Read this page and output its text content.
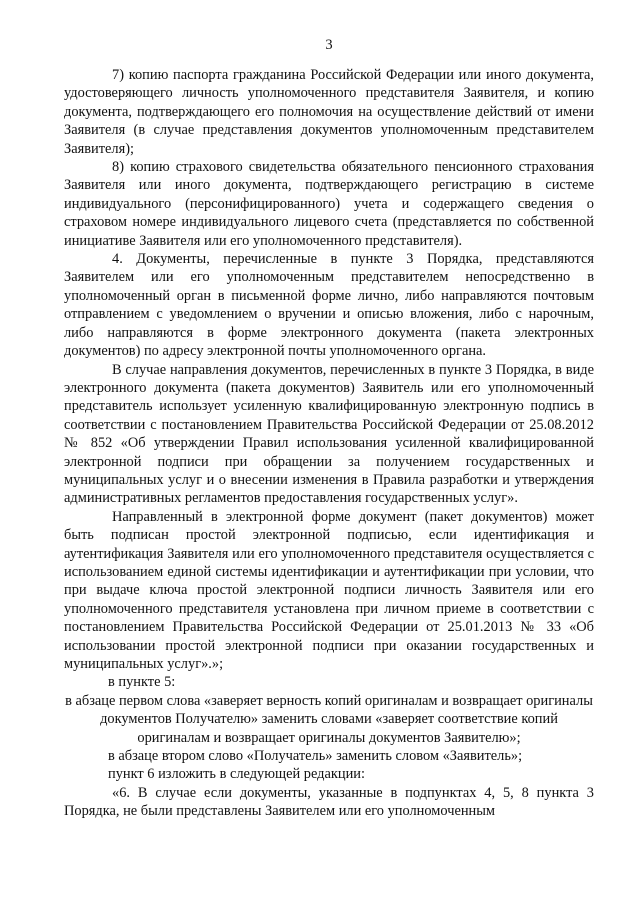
3

7) копию паспорта гражданина Российской Федерации или иного документа, удостоверяющего личность уполномоченного представителя Заявителя, и копию документа, подтверждающего его полномочия на осуществление действий от имени Заявителя (в случае представления документов уполномоченным представителем Заявителя);

8) копию страхового свидетельства обязательного пенсионного страхования Заявителя или иного документа, подтверждающего регистрацию в системе индивидуального (персонифицированного) учета и содержащего сведения о страховом номере индивидуального лицевого счета (представляется по собственной инициативе Заявителя или его уполномоченного представителя).

4. Документы, перечисленные в пункте 3 Порядка, представляются Заявителем или его уполномоченным представителем непосредственно в уполномоченный орган в письменной форме лично, либо направляются почтовым отправлением с уведомлением о вручении и описью вложения, либо с нарочным, либо направляются в форме электронного документа (пакета электронных документов) по адресу электронной почты уполномоченного органа.

В случае направления документов, перечисленных в пункте 3 Порядка, в виде электронного документа (пакета документов) Заявитель или его уполномоченный представитель использует усиленную квалифицированную электронную подпись в соответствии с постановлением Правительства Российской Федерации от 25.08.2012 № 852 «Об утверждении Правил использования усиленной квалифицированной электронной подписи при обращении за получением государственных и муниципальных услуг и о внесении изменения в Правила разработки и утверждения административных регламентов предоставления государственных услуг».

Направленный в электронной форме документ (пакет документов) может быть подписан простой электронной подписью, если идентификация и аутентификация Заявителя или его уполномоченного представителя осуществляется с использованием единой системы идентификации и аутентификации при условии, что при выдаче ключа простой электронной подписи личность Заявителя или его уполномоченного представителя установлена при личном приеме в соответствии с постановлением Правительства Российской Федерации от 25.01.2013 № 33 «Об использовании простой электронной подписи при оказании государственных и муниципальных услуг».»;

в пункте 5:

в абзаце первом слова «заверяет верность копий оригиналам и возвращает оригиналы документов Получателю» заменить словами «заверяет соответствие копий оригиналам и возвращает оригиналы документов Заявителю»;

в абзаце втором слово «Получатель» заменить словом «Заявитель»;

пункт 6 изложить в следующей редакции:

«6. В случае если документы, указанные в подпунктах 4, 5, 8 пункта 3 Порядка, не были представлены Заявителем или его уполномоченным
